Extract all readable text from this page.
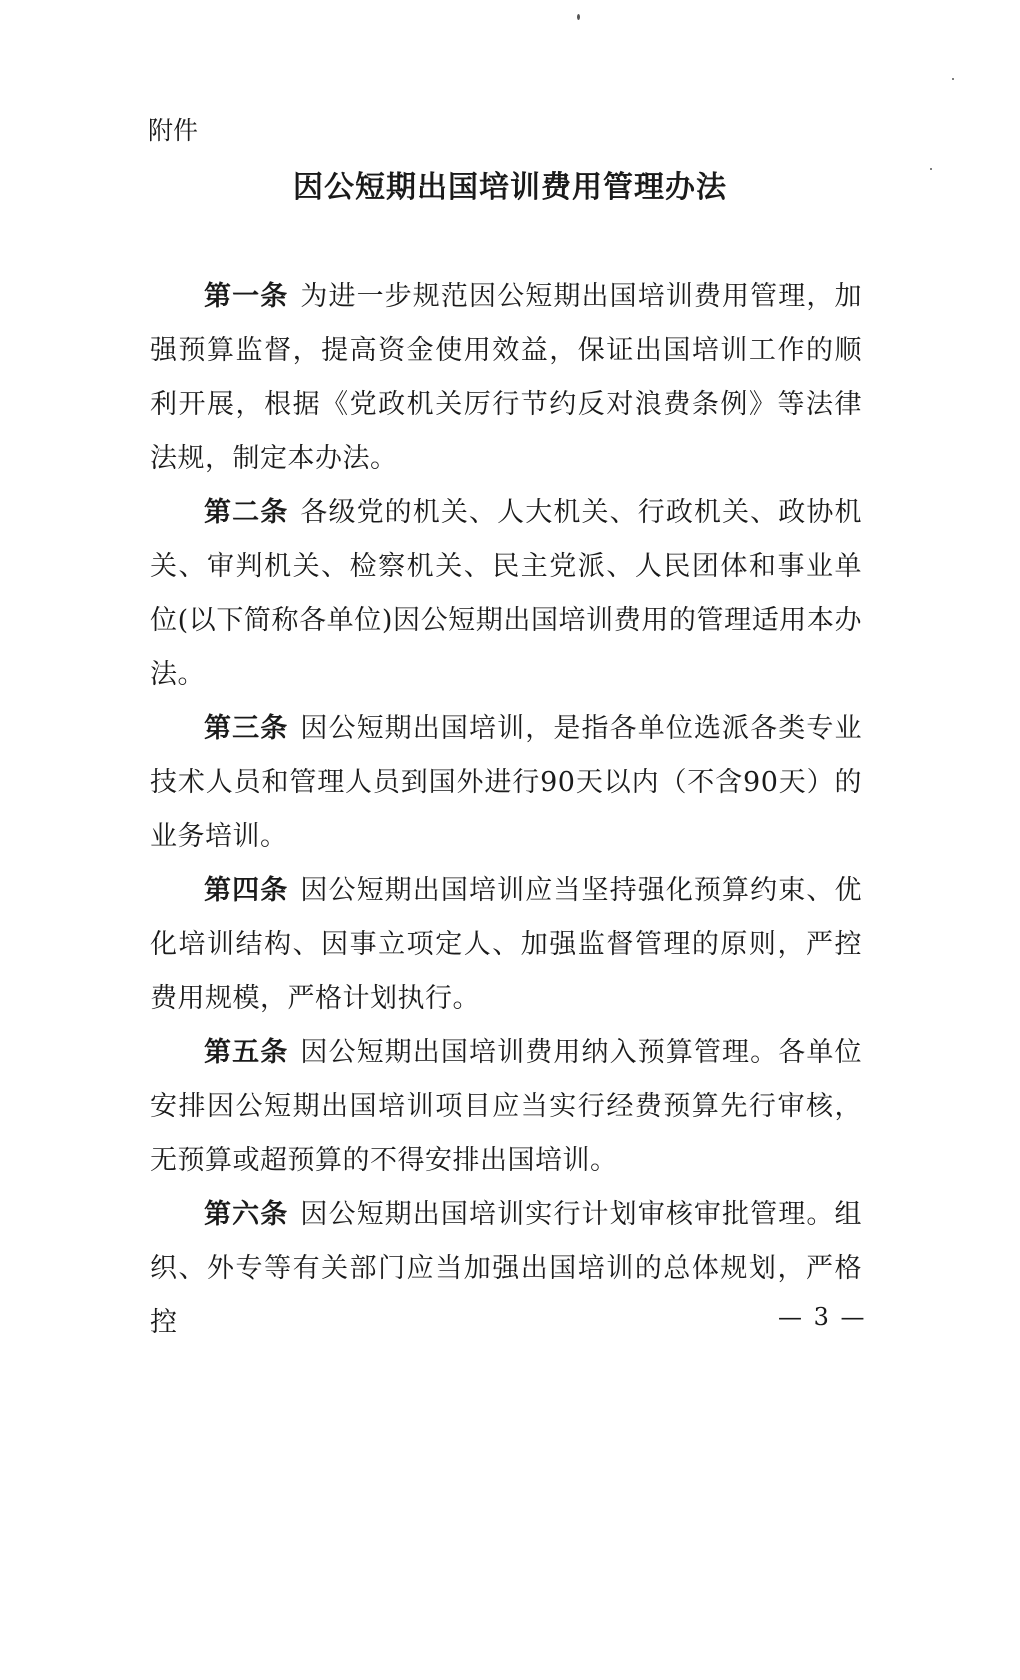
附件
因公短期出国培训费用管理办法

第一条 为进一步规范因公短期出国培训费用管理，加强预算监督，提高资金使用效益，保证出国培训工作的顺利开展，根据《党政机关厉行节约反对浪费条例》等法律法规，制定本办法。

第二条 各级党的机关、人大机关、行政机关、政协机关、审判机关、检察机关、民主党派、人民团体和事业单位(以下简称各单位)因公短期出国培训费用的管理适用本办法。

第三条 因公短期出国培训，是指各单位选派各类专业技术人员和管理人员到国外进行90天以内（不含90天）的业务培训。

第四条 因公短期出国培训应当坚持强化预算约束、优化培训结构、因事立项定人、加强监督管理的原则，严控费用规模，严格计划执行。

第五条 因公短期出国培训费用纳入预算管理。各单位安排因公短期出国培训项目应当实行经费预算先行审核，无预算或超预算的不得安排出国培训。

第六条 因公短期出国培训实行计划审核审批管理。组织、外专等有关部门应当加强出国培训的总体规划，严格控	— 3 —
